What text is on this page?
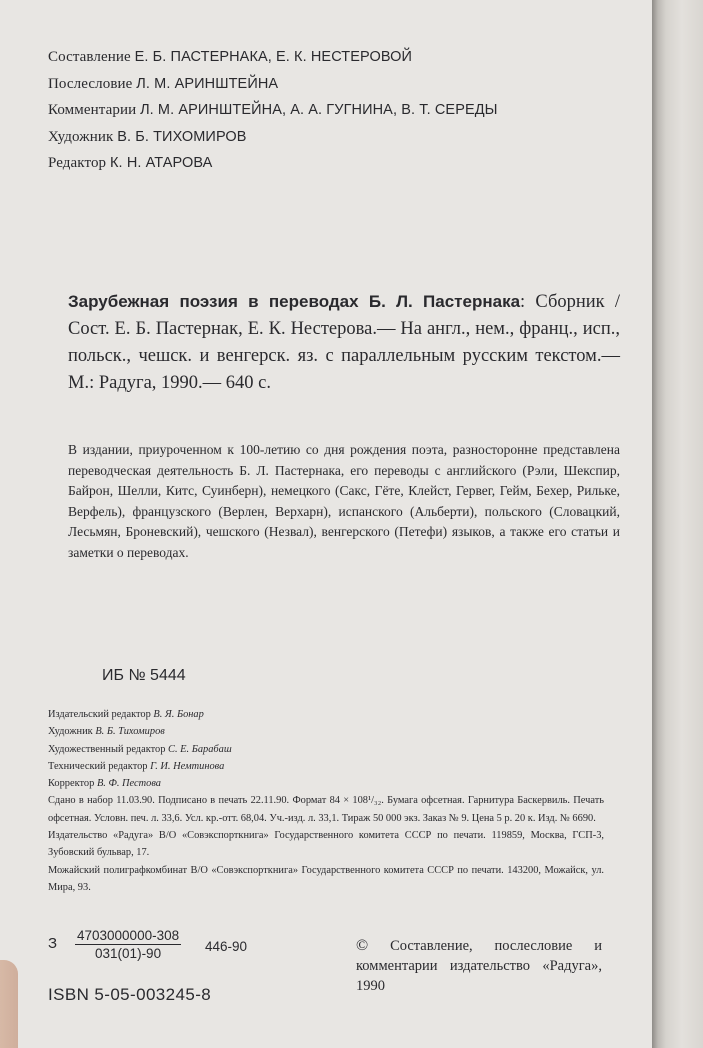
Составление Е. Б. ПАСТЕРНАКА, Е. К. НЕСТЕРОВОЙ
Послесловие Л. М. АРИНШТЕЙНА
Комментарии Л. М. АРИНШТЕЙНА, А. А. ГУГНИНА, В. Т. СЕРЕДЫ
Художник В. Б. ТИХОМИРОВ
Редактор К. Н. АТАРОВА
Зарубежная поэзия в переводах Б. Л. Пастернака: Сборник / Сост. Е. Б. Пастернак, Е. К. Нестерова.— На англ., нем., франц., исп., польск., чешск. и венгерск. яз. с параллельным русским текстом.— М.: Радуга, 1990.— 640 с.
В издании, приуроченном к 100-летию со дня рождения поэта, разносторонне представлена переводческая деятельность Б. Л. Пастернака, его переводы с английского (Рэли, Шекспир, Байрон, Шелли, Китс, Суинберн), немецкого (Сакс, Гёте, Клейст, Гервег, Гейм, Бехер, Рильке, Верфель), французского (Верлен, Верхарн), испанского (Альберти), польского (Словацкий, Лесьмян, Броневский), чешского (Незвал), венгерского (Петефи) языков, а также его статьи и заметки о переводах.
ИБ № 5444
Издательский редактор В. Я. Бонар
Художник В. Б. Тихомиров
Художественный редактор С. Е. Барабаш
Технический редактор Г. И. Немтинова
Корректор В. Ф. Пестова
Сдано в набор 11.03.90. Подписано в печать 22.11.90. Формат 84 × 108¹/₃₂. Бумага офсетная. Гарнитура Баскервиль. Печать офсетная. Условн. печ. л. 33,6. Усл. кр.-отт. 68,04. Уч.-изд. л. 33,1. Тираж 50 000 экз. Заказ № 9. Цена 5 р. 20 к. Изд. № 6690.
Издательство «Радуга» В/О «Совэкспорткнига» Государственного комитета СССР по печати. 119859, Москва, ГСП-3, Зубовский бульвар, 17.
Можайский полиграфкомбинат В/О «Совэкспорткнига» Государственного комитета СССР по печати. 143200, Можайск, ул. Мира, 93.
З $\frac{4703000000-308}{031(01)-90} 446-90$
ISBN 5-05-003245-8
© Составление, послесловие и комментарии издательство «Радуга», 1990
